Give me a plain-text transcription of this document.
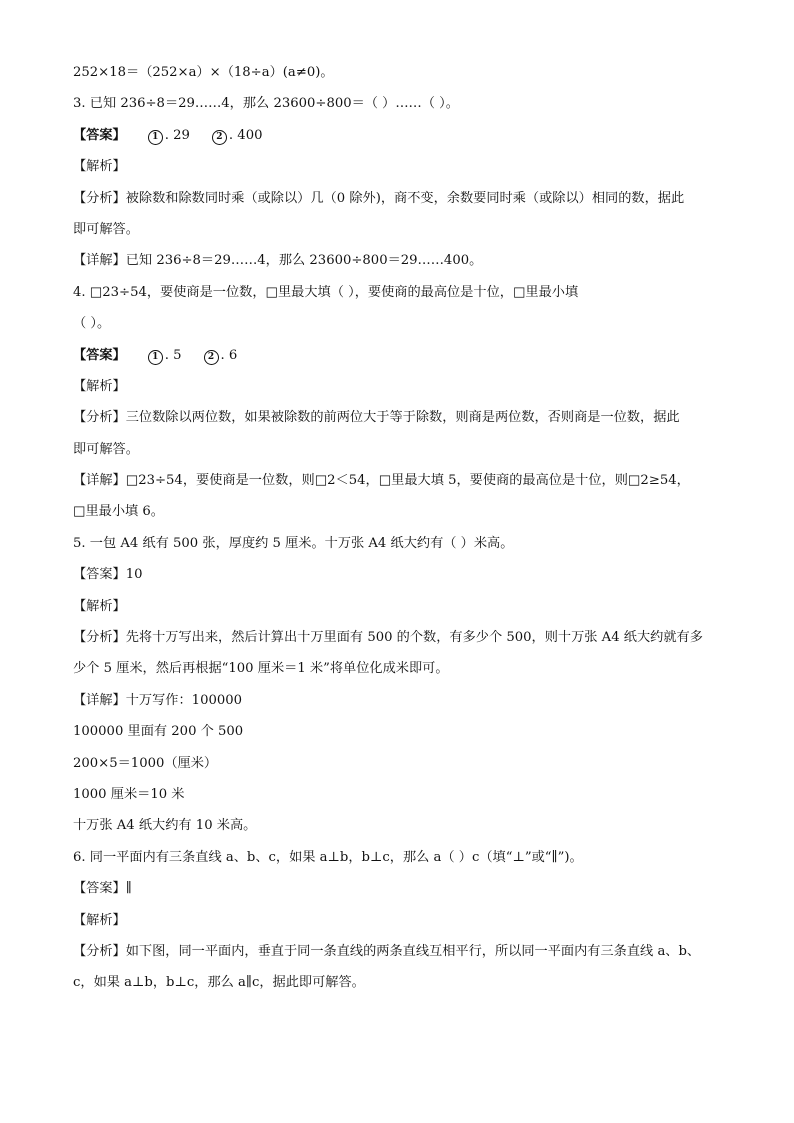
252×18＝（252×a）×（18÷a）(a≠0)。
3. 已知 236÷8＝29……4，那么 23600÷800＝（ ）……（ ）。
【答案】	1 . 29	2 . 400
【解析】
【分析】被除数和除数同时乘（或除以）几（0 除外)，商不变，余数要同时乘（或除以）相同的数，据此
即可解答。
【详解】已知 236÷8＝29……4，那么 23600÷800＝29……400。
4. □23÷54，要使商是一位数，□里最大填（ ），要使商的最高位是十位，□里最小填
（ ）。
【答案】	1 . 5	2 . 6
【解析】
【分析】三位数除以两位数，如果被除数的前两位大于等于除数，则商是两位数，否则商是一位数，据此
即可解答。
【详解】□23÷54，要使商是一位数，则□2＜54，□里最大填 5，要使商的最高位是十位，则□2≥54，
□里最小填 6。
5. 一包 A4 纸有 500 张，厚度约 5 厘米。十万张 A4 纸大约有（ ）米高。
【答案】10
【解析】
【分析】先将十万写出来，然后计算出十万里面有 500 的个数，有多少个 500，则十万张 A4 纸大约就有多
少个 5 厘米，然后再根据“100 厘米＝1 米”将单位化成米即可。
【详解】十万写作：100000
100000 里面有 200 个 500
200×5＝1000（厘米）
1000 厘米＝10 米
十万张 A4 纸大约有 10 米高。
6. 同一平面内有三条直线 a、b、c，如果 a⊥b，b⊥c，那么 a（ ）c（填“⊥”或“∥”)。
【答案】∥
【解析】
【分析】如下图，同一平面内，垂直于同一条直线的两条直线互相平行，所以同一平面内有三条直线 a、b、
c，如果 a⊥b，b⊥c，那么 a∥c，据此即可解答。
